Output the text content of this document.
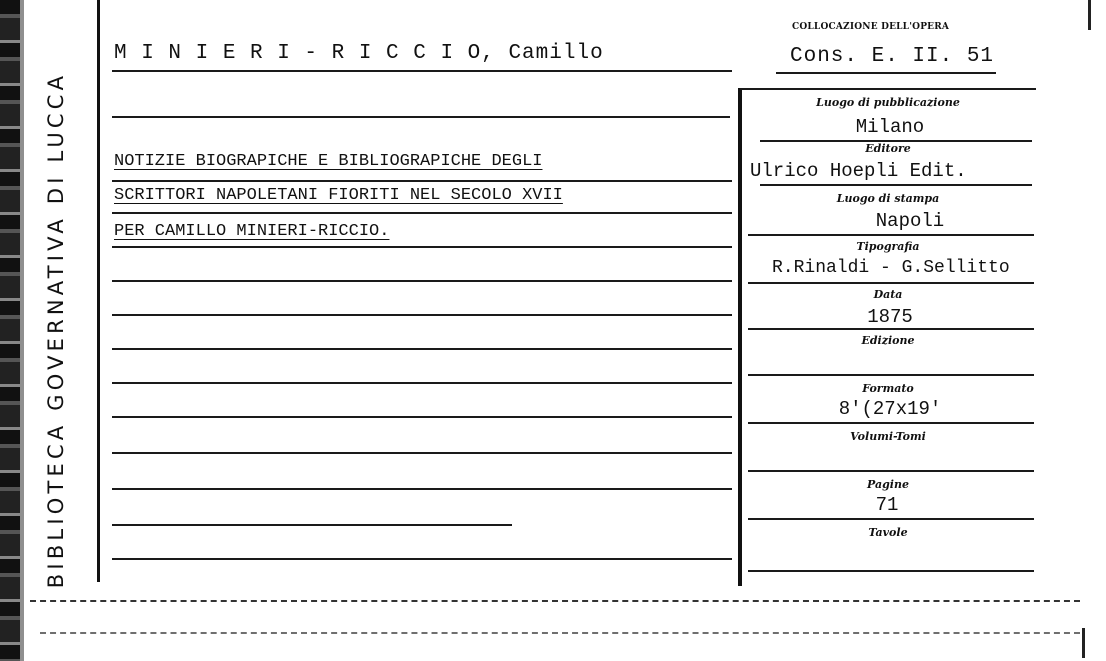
BIBLIOTECA GOVERNATIVA DI LUCCA
COLLOCAZIONE DELL'OPERA
M I N I E R I - R I C C I O, Camillo	Cons. E. II. 51
NOTIZIE BIOGRAPICHE E BIBLIOGRAPICHE DEGLI
SCRITTORI NAPOLETANI FIORITI NEL SECOLO XVII
PER CAMILLO MINIERI-RICCIO.
Luogo di pubblicazione
Milano
Editore
Ulrico Hoepli Edit.
Luogo di stampa
Napoli
Tipografia
R.Rinaldi - G.Sellitto
Data
1875
Edizione
Formato
8'(27x19'
Volumi-Tomi
Pagine
71
Tavole
